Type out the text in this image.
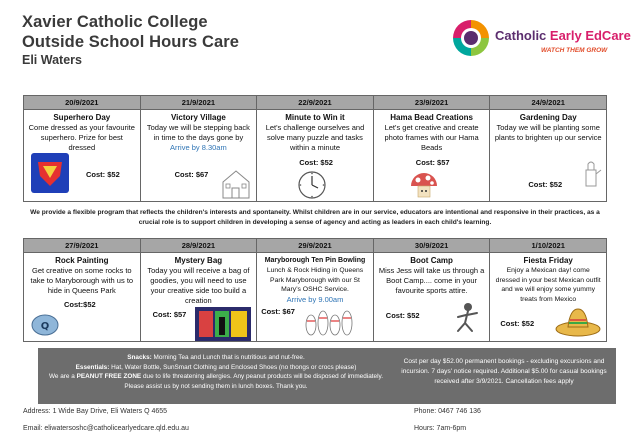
Xavier Catholic College
Outside School Hours Care
Eli Waters
Catholic Early EdCare
WATCH THEM GROW
20/9/2021
Superhero Day
Come dressed as your favourite superhero. Prize for best dressed
Cost: $52
21/9/2021
Victory Village
Today we will be stepping back in time to the days gone by
Arrive by 8.30am
Cost: $67
22/9/2021
Minute to Win it
Let's challenge ourselves and solve many puzzle and tasks within a minute
Cost: $52
23/9/2021
Hama Bead Creations
Let's get creative and create photo frames with our Hama Beads
Cost: $57
24/9/2021
Gardening Day
Today we will be planting some plants to brighten up our service
Cost: $52
We provide a flexible program that reflects the children's interests and spontaneity. Whilst children are in our service, educators are intentional and responsive in their practices, as a crucial role is to support children in developing a sense of agency and acting as leaders in each child's learning.
27/9/2021
Rock Painting
Get creative on some rocks to take to Maryborough with us to hide in Queens Park
Cost:$52
Q
28/9/2021
Mystery Bag
Today you will receive a bag of goodies, you will need to use your creative side too build a creation
Cost: $57
29/9/2021
Maryborough Ten Pin Bowling
Lunch & Rock Hiding in Queens Park Maryborough with our St Mary's OSHC Service.
Arrive by 9.00am
Cost: $67
30/9/2021
Boot Camp
Miss Jess will take us through a Boot Camp.... come in your favourite sports attire.
Cost: $52
1/10/2021
Fiesta Friday
Enjoy a Mexican day! come dressed in your best Mexican outfit and we will enjoy some yummy treats from Mexico
Cost: $52
Snacks: Morning Tea and Lunch that is nutritious and nut-free.
Essentials: Hat, Water Bottle, SunSmart Clothing and Enclosed Shoes (no thongs or crocs please)
We are a PEANUT FREE ZONE due to life threatening allergies. Any peanut products will be disposed of immediately. Please assist us by not sending them in lunch boxes. Thank you.
Cost per day $52.00 permanent bookings - excluding excursions and incursion. 7 days' notice required. Additional $5.00 for casual bookings received after 3/9/2021. Cancellation fees apply
Address: 1 Wide Bay Drive, Eli Waters Q 4655
Email: eliwatersoshc@catholicearlyedcare.qld.edu.au
Phone: 0467 746 136
Hours: 7am-6pm
